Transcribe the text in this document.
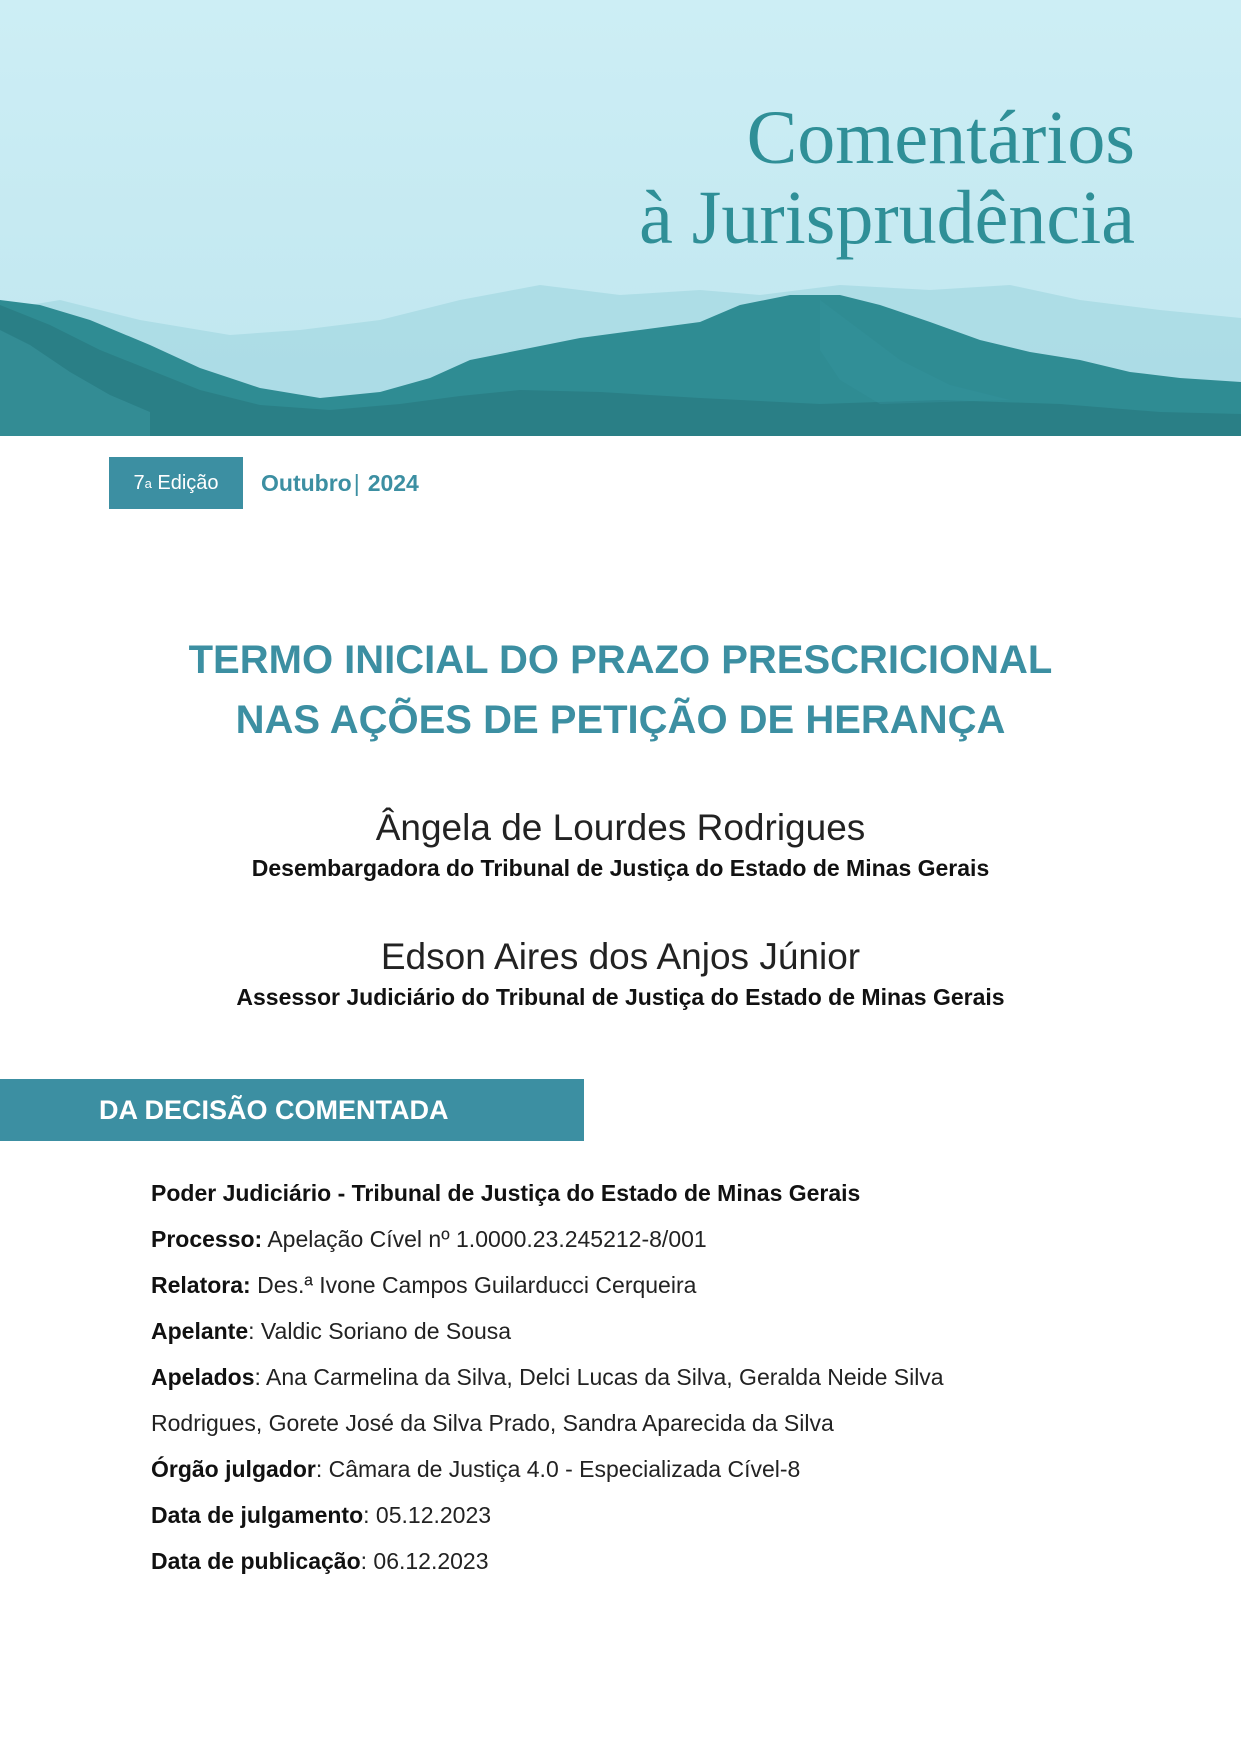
Comentários
à Jurisprudência
7 a
Edição Outubro| 2024
TERMO INICIAL DO PRAZO PRESCRICIONAL
NAS AÇÕES DE PETIÇÃO DE HERANÇA
Ângela de Lourdes Rodrigues
Desembargadora do Tribunal de Justiça do Estado de Minas Gerais
Edson Aires dos Anjos Júnior
Assessor Judiciário do Tribunal de Justiça do Estado de Minas Gerais
DA DECISÃO COMENTADA

Poder Judiciário - Tribunal de Justiça do Estado de Minas Gerais

Processo: Apelação Cível nº 1.0000.23.245212-8/001

Relatora: Des.ª Ivone Campos Guilarducci Cerqueira

Apelante: Valdic Soriano de Sousa

Apelados: Ana Carmelina da Silva, Delci Lucas da Silva, Geralda Neide Silva

Rodrigues, Gorete José da Silva Prado, Sandra Aparecida da Silva

Órgão julgador: Câmara de Justiça 4.0 - Especializada Cível-8

Data de julgamento: 05.12.2023

Data de publicação: 06.12.2023
